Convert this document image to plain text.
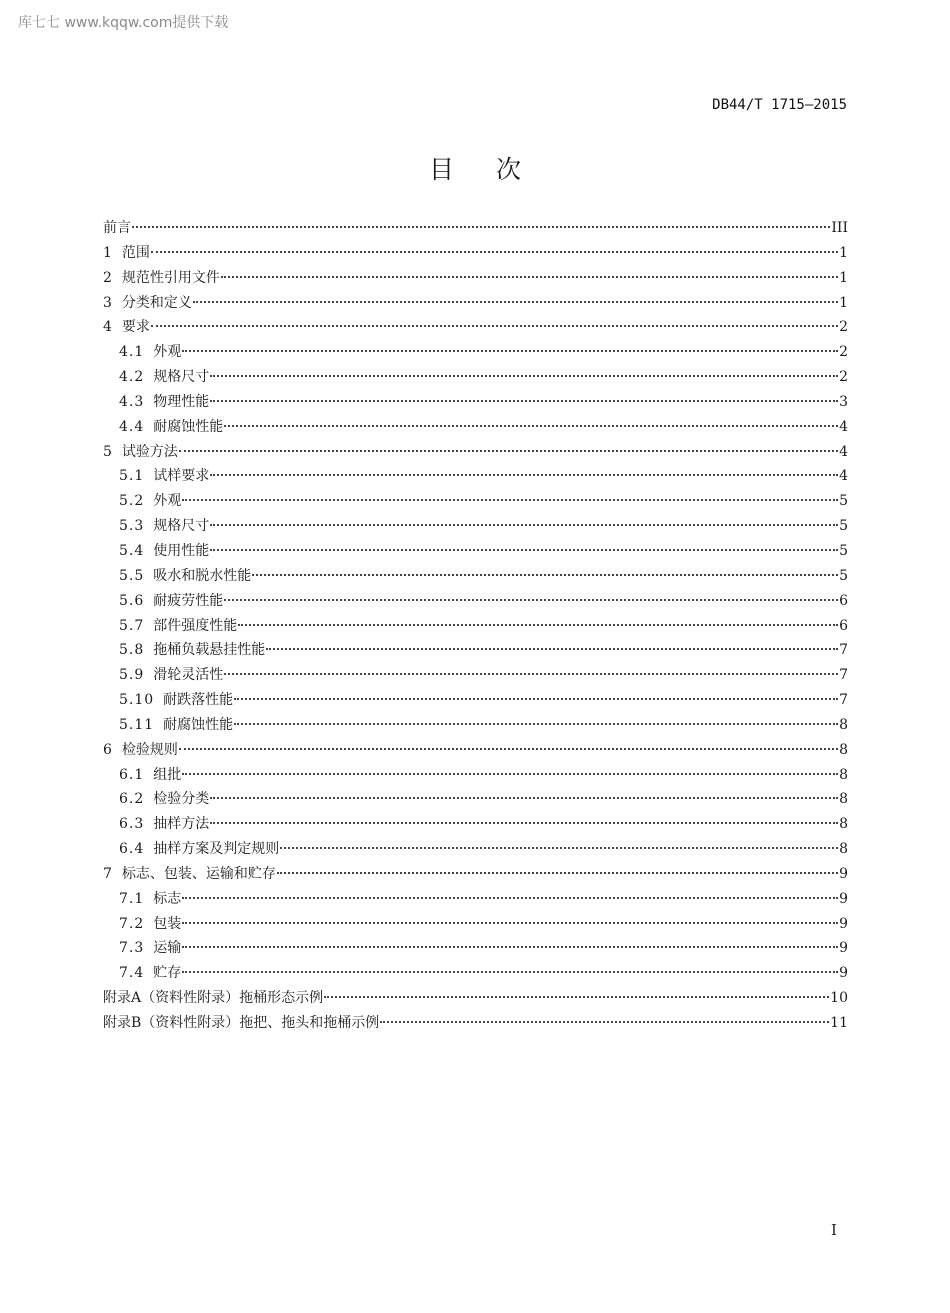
库七七 www.kqqw.com提供下载
DB44/T 1715—2015
目次
前言	III
1 范围	1
2 规范性引用文件	1
3 分类和定义	1
4 要求	2
4.1 外观	2
4.2 规格尺寸	2
4.3 物理性能	3
4.4 耐腐蚀性能	4
5 试验方法	4
5.1 试样要求	4
5.2 外观	5
5.3 规格尺寸	5
5.4 使用性能	5
5.5 吸水和脱水性能	5
5.6 耐疲劳性能	6
5.7 部件强度性能	6
5.8 拖桶负载悬挂性能	7
5.9 滑轮灵活性	7
5.10 耐跌落性能	7
5.11 耐腐蚀性能	8
6 检验规则	8
6.1 组批	8
6.2 检验分类	8
6.3 抽样方法	8
6.4 抽样方案及判定规则	8
7 标志、包装、运输和贮存	9
7.1 标志	9
7.2 包装	9
7.3 运输	9
7.4 贮存	9
附录A（资料性附录）拖桶形态示例	10
附录B（资料性附录）拖把、拖头和拖桶示例	11
I
